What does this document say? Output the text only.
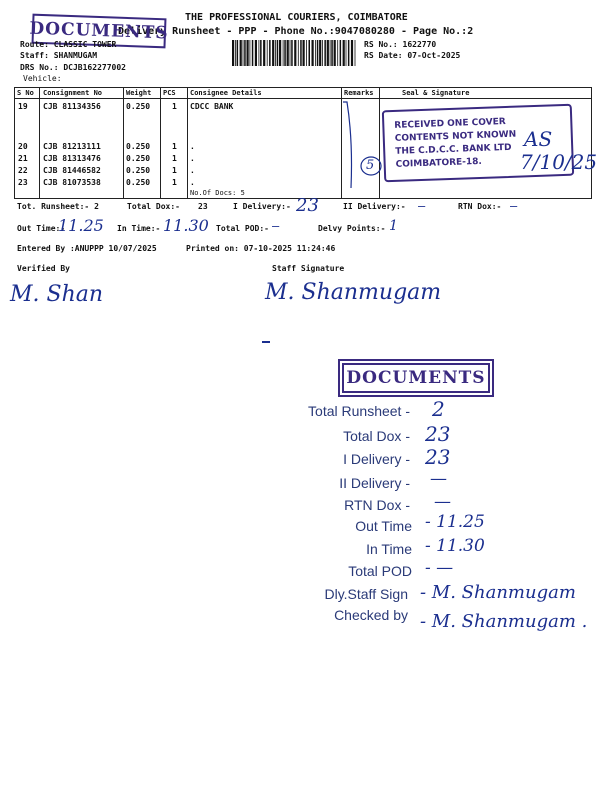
THE PROFESSIONAL COURIERS, COIMBATORE
Delivery Runsheet - PPP - Phone No.:9047080280 - Page No.:2
DOCUMENTS
Route: CLASSIC TOWER
Staff: SHANMUGAM
DRS No.: DCJB162277002
Vehicle:
RS No.: 1622770
RS Date: 07-Oct-2025
S No Consignment No	Weight PCS Consignee Details	Remarks	Seal & Signature
19 CJB 81134356	0.250	1 CDCC BANK
20 CJB 81213111	0.250	1 .
21 CJB 81313476	0.250	1 .
22 CJB 81446582	0.250	1 .
23 CJB 81073538	0.250	1 .
No.Of Docs: 5
5
RECEIVED ONE COVER
CONTENTS NOT KNOWN
THE C.D.C.C. BANK LTD
COIMBATORE-18.
AS
7/10/25
Tot. Runsheet:- 2	Total Dox:- 23	I Delivery:- 23	II Delivery:- —	RTN Dox:- —
Out Time:-
11.25 In Time:- 11.30 Total POD:- —	Delvy Points:- 1
Entered By :ANUPPP 10/07/2025	Printed on: 07-10-2025 11:24:46
Verified By	Staff Signature
M. Shan	M. Shanmugam
DOCUMENTS
Total Runsheet - 2
Total Dox - 23
I Delivery - 23
II Delivery - —
RTN Dox - —
Out Time - 11.25
In Time - 11.30
Total POD - —
Dly.Staff Sign - M. Shanmugam
Checked by - M. Shanmugam .
